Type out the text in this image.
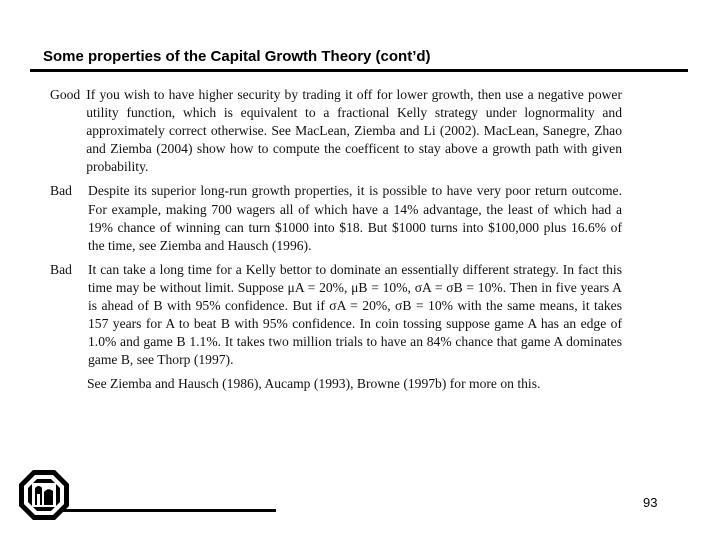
Some properties of the Capital Growth Theory (cont’d)
Good If you wish to have higher security by trading it off for lower growth, then use a negative power utility function, which is equivalent to a fractional Kelly strategy under lognormality and approximately correct otherwise. See MacLean, Ziemba and Li (2002). MacLean, Sanegre, Zhao and Ziemba (2004) show how to compute the coefficent to stay above a growth path with given probability.
Bad	Despite its superior long-run growth properties, it is possible to have very poor return outcome. For example, making 700 wagers all of which have a 14% advantage, the least of which had a 19% chance of winning can turn $1000 into $18. But $1000 turns into $100,000 plus 16.6% of the time, see Ziemba and Hausch (1996).
Bad	It can take a long time for a Kelly bettor to dominate an essentially different strategy. In fact this time may be without limit. Suppose μA = 20%, μB = 10%, σA = σB = 10%. Then in five years A is ahead of B with 95% confidence. But if σA = 20%, σB = 10% with the same means, it takes 157 years for A to beat B with 95% confidence. In coin tossing suppose game A has an edge of 1.0% and game B 1.1%. It takes two million trials to have an 84% chance that game A dominates game B, see Thorp (1997).
See Ziemba and Hausch (1986), Aucamp (1993), Browne (1997b) for more on this.
93
